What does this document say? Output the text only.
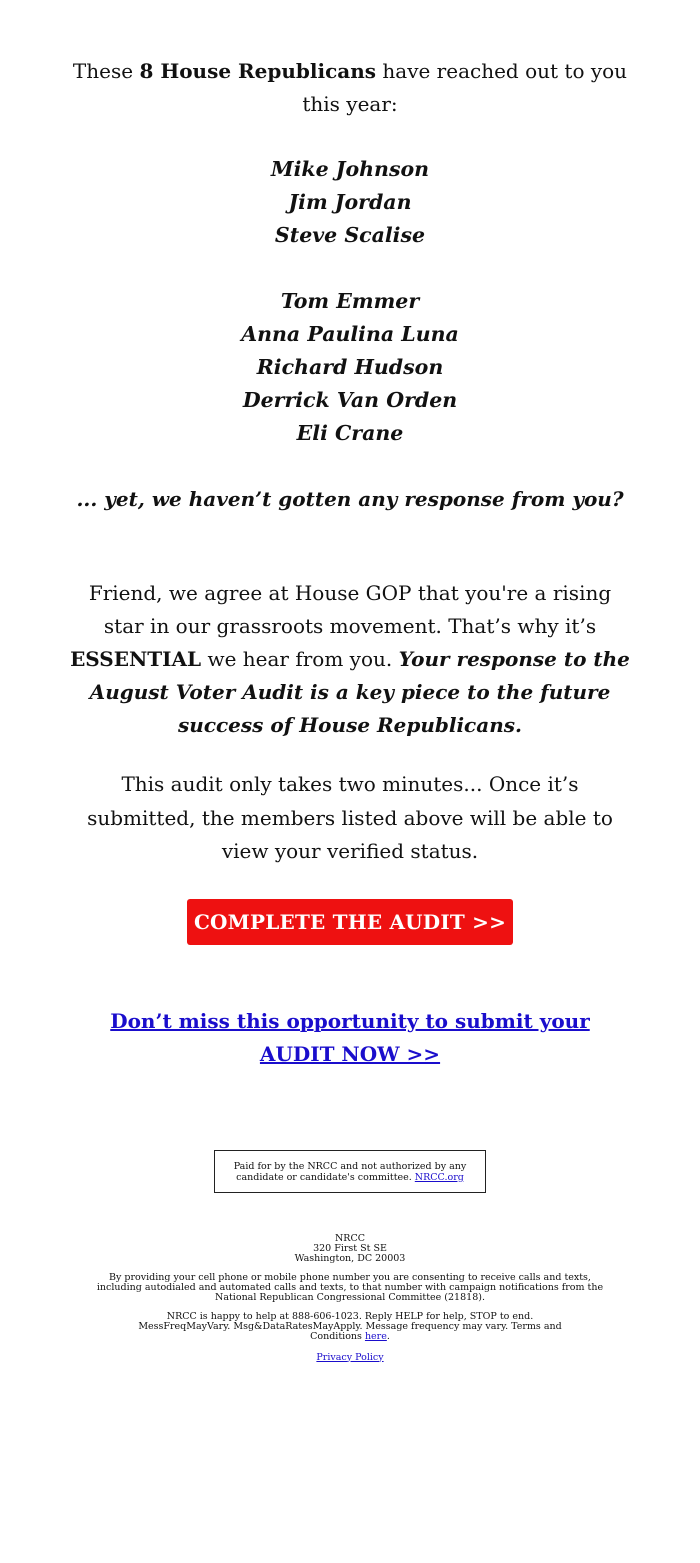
These 8 House Republicans have reached out to you this year:

Mike Johnson
Jim Jordan
Steve Scalise
Tom Emmer
Anna Paulina Luna
Richard Hudson
Derrick Van Orden
Eli Crane
... yet, we haven’t gotten any response from you?
Friend, we agree at House GOP that you're a rising star in our grassroots movement. That’s why it’s ESSENTIAL we hear from you. Your response to the August Voter Audit is a key piece to the future success of House Republicans.
This audit only takes two minutes... Once it’s submitted, the members listed above will be able to view your verified status.
COMPLETE THE AUDIT >>
Don’t miss this opportunity to submit your AUDIT NOW >>
Paid for by the NRCC and not authorized by any candidate or candidate's committee. NRCC.org

NRCC

320 First St SE

Washington, DC 20003

By providing your cell phone or mobile phone number you are consenting to receive calls and texts, including autodialed and automated calls and texts, to that number with campaign notifications from the National Republican Congressional Committee (21818).

NRCC is happy to help at 888-606-1023. Reply HELP for help, STOP to end. MessFreqMayVary. Msg&DataRatesMayApply. Message frequency may vary. Terms and Conditions here.

Privacy Policy
